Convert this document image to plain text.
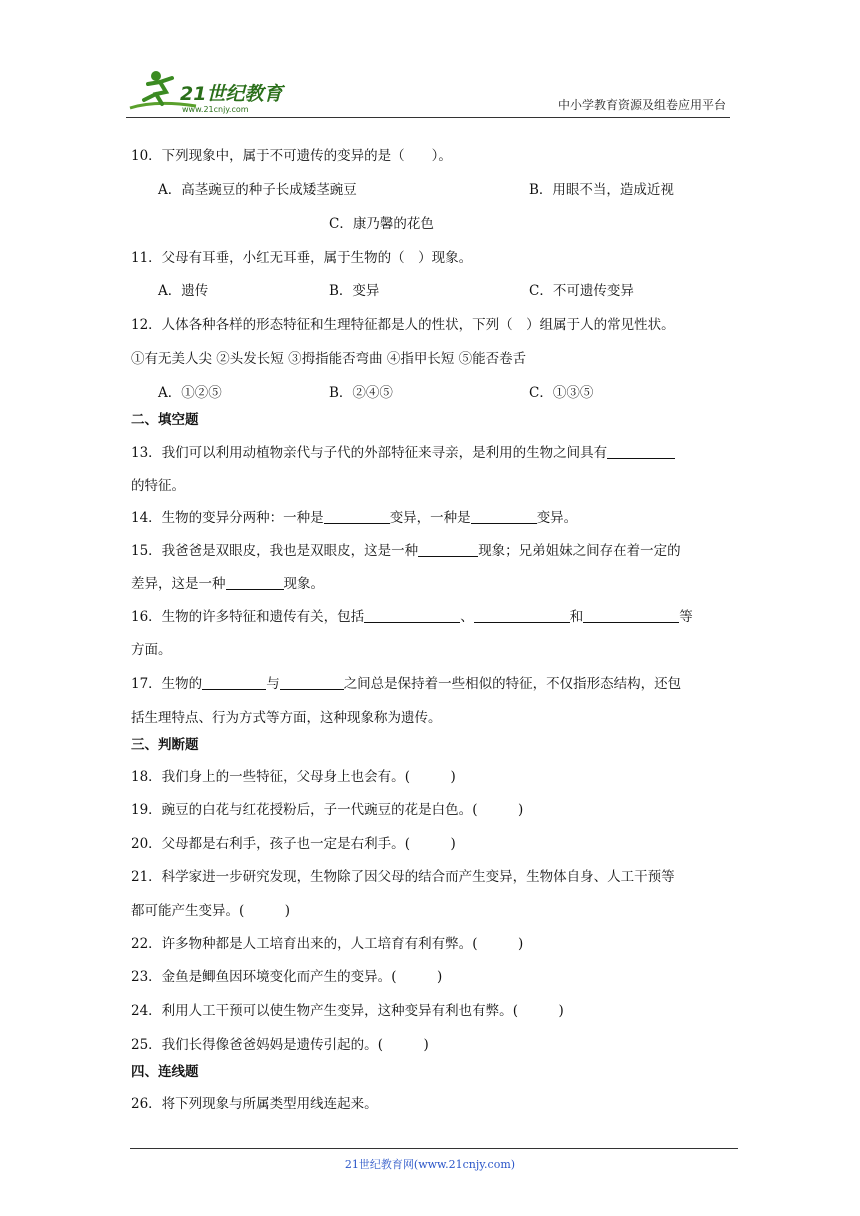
21世纪教育
www.21cnjy.com	中小学教育资源及组卷应用平台
10．下列现象中，属于不可遗传的变异的是（　　）。
A．高茎豌豆的种子长成矮茎豌豆	B．用眼不当，造成近视
C．康乃馨的花色
11．父母有耳垂，小红无耳垂，属于生物的（　）现象。
A．遗传	B．变异	C．不可遗传变异
12．人体各种各样的形态特征和生理特征都是人的性状，下列（　）组属于人的常见性状。
①有无美人尖 ②头发长短 ③拇指能否弯曲 ④指甲长短 ⑤能否卷舌
A．①②⑤	B．②④⑤	C．①③⑤
二、填空题
13．我们可以利用动植物亲代与子代的外部特征来寻亲，是利用的生物之间具有
的特征。
14．生物的变异分两种：一种是	变异，一种是	变异。
15．我爸爸是双眼皮，我也是双眼皮，这是一种	现象；兄弟姐妹之间存在着一定的
差异，这是一种	现象。
16．生物的许多特征和遗传有关，包括	、	和	等
方面。
17．生物的	与	之间总是保持着一些相似的特征，不仅指形态结构，还包
括生理特点、行为方式等方面，这种现象称为遗传。
三、判断题
18．我们身上的一些特征，父母身上也会有。(　　　)
19．豌豆的白花与红花授粉后，子一代豌豆的花是白色。(　　　)
20．父母都是右利手，孩子也一定是右利手。(　　　)
21．科学家进一步研究发现，生物除了因父母的结合而产生变异，生物体自身、人工干预等
都可能产生变异。(　　　)
22．许多物种都是人工培育出来的，人工培育有利有弊。(　　　)
23．金鱼是鲫鱼因环境变化而产生的变异。(　　　)
24．利用人工干预可以使生物产生变异，这种变异有利也有弊。(　　　)
25．我们长得像爸爸妈妈是遗传引起的。(　　　)
四、连线题
26．将下列现象与所属类型用线连起来。
21世纪教育网(www.21cnjy.com)
